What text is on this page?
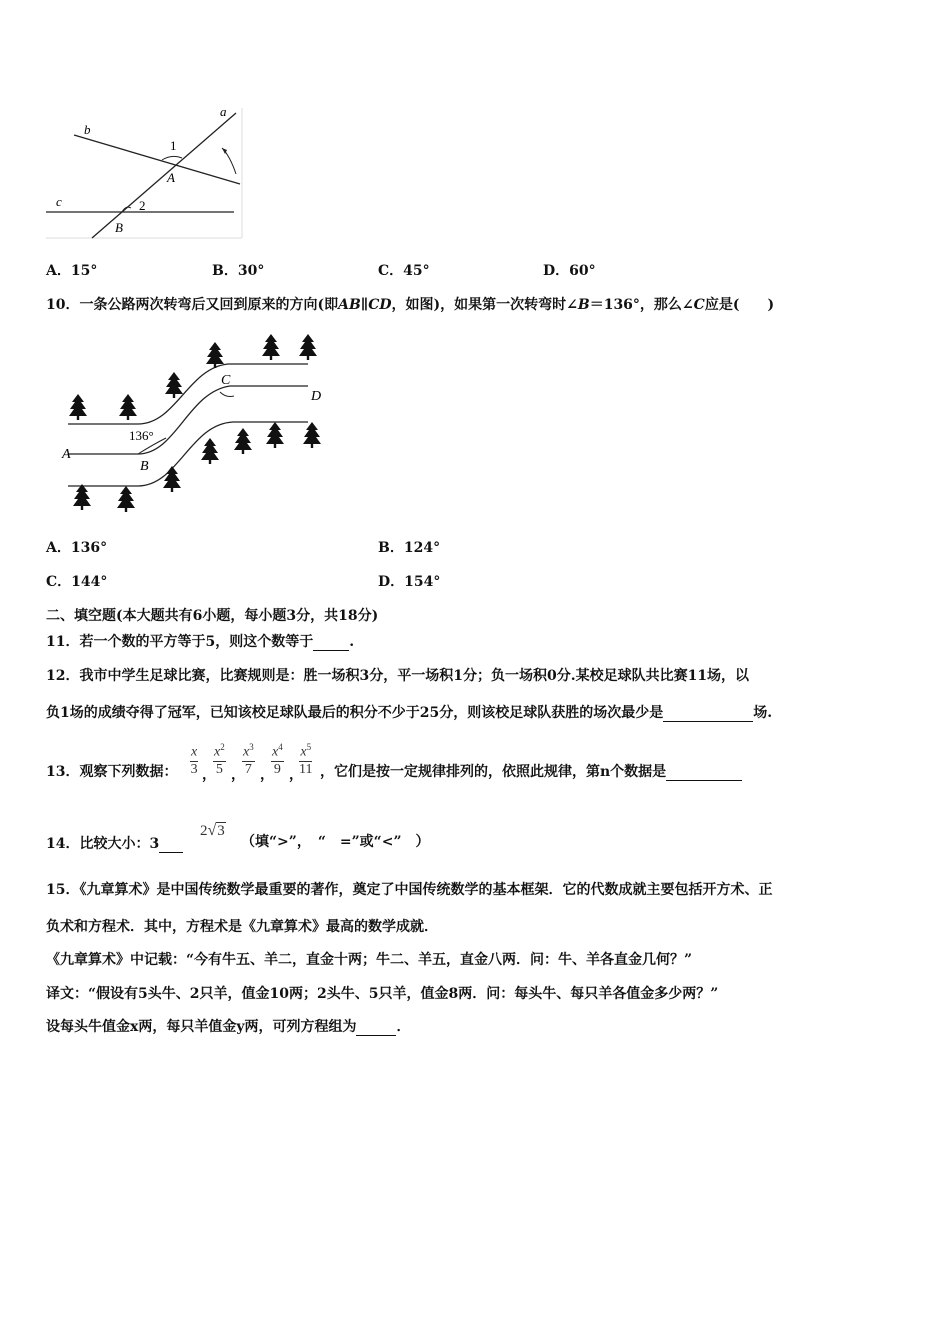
a
b
c
1
2
A
B
A．15°	B．30°	C．45°	D．60°
10．一条公路两次转弯后又回到原来的方向(即AB∥CD，如图)，如果第一次转弯时∠B＝136°，那么∠C应是(　　)
A
B
C
D
136°
A．136°	B．124°
C．144°	D．154°
二、填空题(本大题共有6小题，每小题3分，共18分)
11．若一个数的平方等于5，则这个数等于	.
12．我市中学生足球比赛，比赛规则是：胜一场积3分，平一场积1分；负一场积0分.某校足球队共比赛11场，以
负1场的成绩夺得了冠军，已知该校足球队最后的积分不少于25分，则该校足球队获胜的场次最少是	场.
13．观察下列数据： $\frac{x}{3}$ ，
$\frac{x^2}{5}$ ，
$\frac{x^3}{7}$ ，
$\frac{x^4}{9}$ ，
$\frac{x^5}{11}$ ，它们是按一定规律排列的，依照此规律，第n个数据是
14．比较大小：3
2√3
（填“>”，　“　=”或“<”　）
15．《九章算术》是中国传统数学最重要的著作，奠定了中国传统数学的基本框架．它的代数成就主要包括开方术、正
负术和方程术．其中，方程术是《九章算术》最高的数学成就．
《九章算术》中记载：“今有牛五、羊二，直金十两；牛二、羊五，直金八两．问：牛、羊各直金几何？”
译文：“假设有5头牛、2只羊，值金10两；2头牛、5只羊，值金8两．问：每头牛、每只羊各值金多少两？”
设每头牛值金x两，每只羊值金y两，可列方程组为	．
